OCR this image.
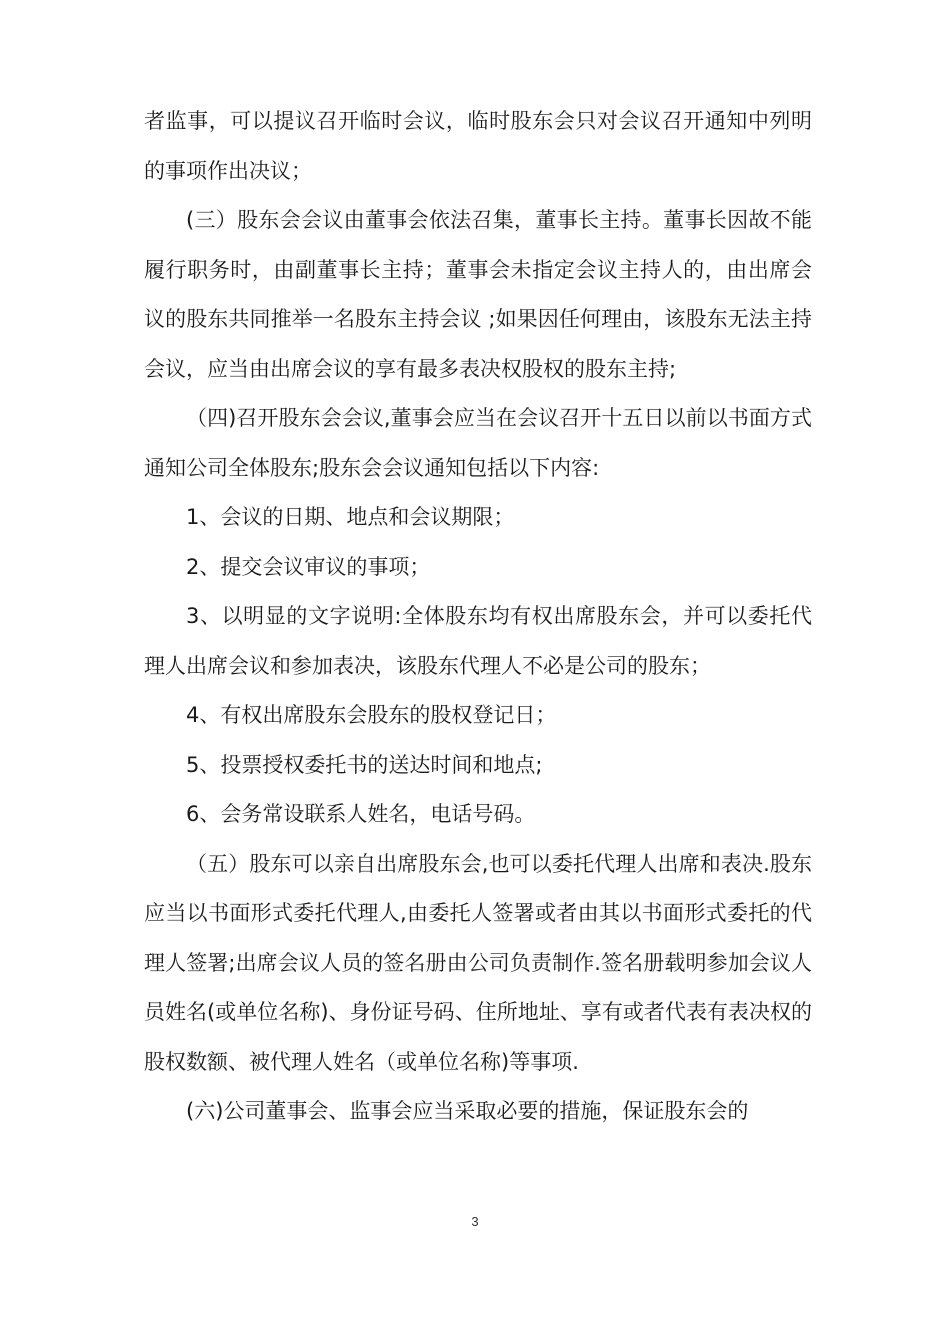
者监事，可以提议召开临时会议，临时股东会只对会议召开通知中列明的事项作出决议；

(三）股东会会议由董事会依法召集，董事长主持。董事长因故不能履行职务时，由副董事长主持；董事会未指定会议主持人的，由出席会议的股东共同推举一名股东主持会议 ;如果因任何理由，该股东无法主持会议，应当由出席会议的享有最多表决权股权的股东主持;

（四)召开股东会会议,董事会应当在会议召开十五日以前以书面方式通知公司全体股东;股东会会议通知包括以下内容:

1、会议的日期、地点和会议期限；

2、提交会议审议的事项；

3、以明显的文字说明:全体股东均有权出席股东会，并可以委托代理人出席会议和参加表决，该股东代理人不必是公司的股东；

4、有权出席股东会股东的股权登记日；

5、投票授权委托书的送达时间和地点;

6、会务常设联系人姓名，电话号码。

（五）股东可以亲自出席股东会,也可以委托代理人出席和表决.股东应当以书面形式委托代理人,由委托人签署或者由其以书面形式委托的代理人签署;出席会议人员的签名册由公司负责制作.签名册载明参加会议人员姓名(或单位名称)、身份证号码、住所地址、享有或者代表有表决权的股权数额、被代理人姓名（或单位名称)等事项.

(六)公司董事会、监事会应当采取必要的措施，保证股东会的

3
